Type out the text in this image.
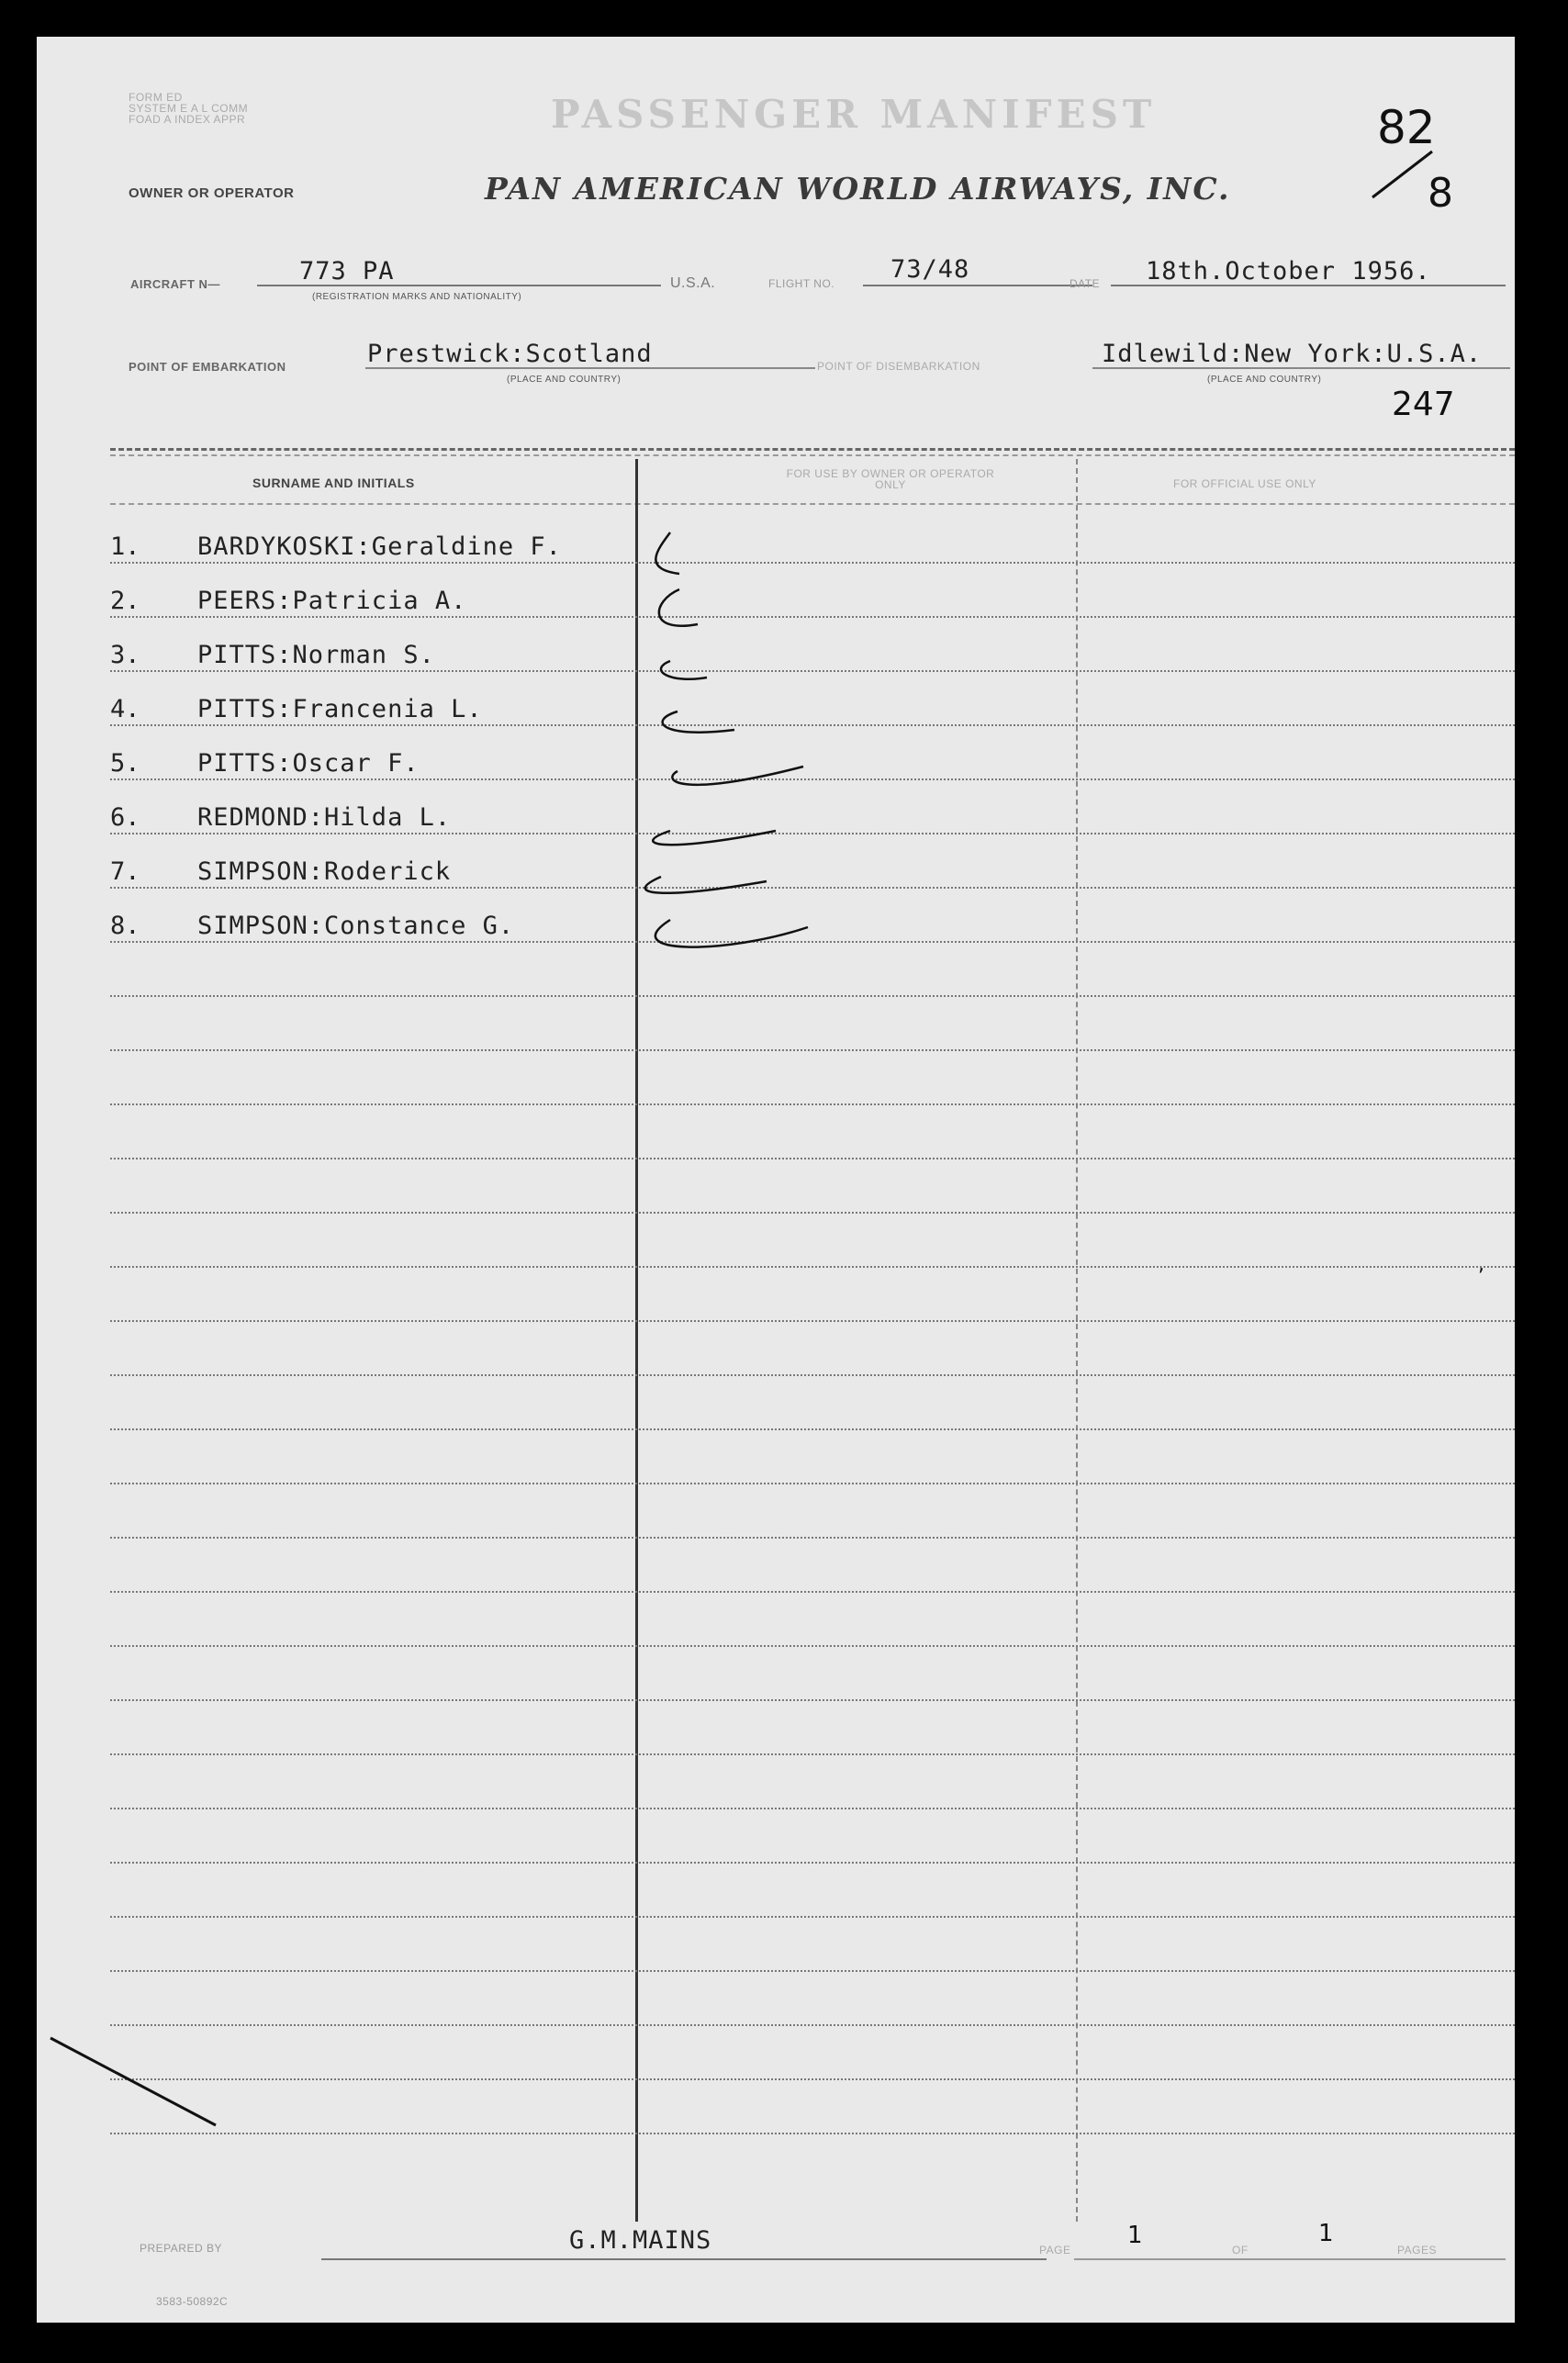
FORM ED
SYSTEM E A L COMM
FOAD A INDEX APPR	PASSENGER MANIFEST	82
8
OWNER OR OPERATOR	PAN AMERICAN WORLD AIRWAYS, INC.
AIRCRAFT N—	773 PA
(REGISTRATION MARKS AND NATIONALITY)
U.S.A.	FLIGHT NO. 73/48	DATE 18th.October 1956.
POINT OF EMBARKATION	Prestwick:Scotland
(PLACE AND COUNTRY)
POINT OF DISEMBARKATION	Idlewild:New York:U.S.A.
(PLACE AND COUNTRY)
247
SURNAME AND INITIALS
FOR USE BY OWNER OR OPERATOR ONLY	FOR OFFICIAL USE ONLY
1. BARDYKOSKI:Geraldine F.
2. PEERS:Patricia A.
3. PITTS:Norman S.
4. PITTS:Francenia L.
5. PITTS:Oscar F.
6. REDMOND:Hilda L.
7. SIMPSON:Roderick
8. SIMPSON:Constance G.
,
PREPARED BY	G.M.MAINS	PAGE
1
OF
1
PAGES
3583-50892C
